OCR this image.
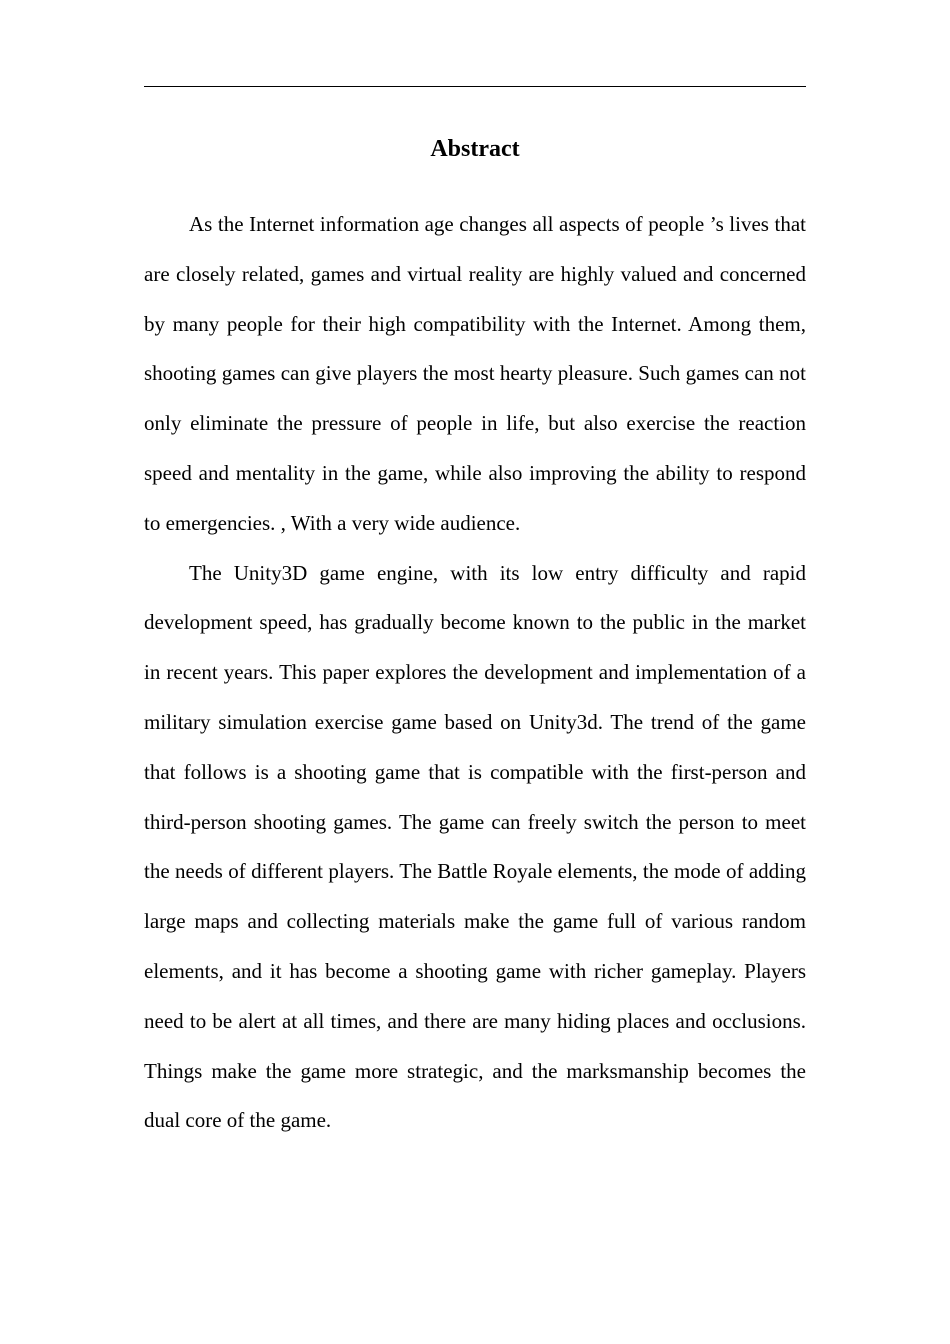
Abstract

As the Internet information age changes all aspects of people ’s lives that are closely related, games and virtual reality are highly valued and concerned by many people for their high compatibility with the Internet. Among them, shooting games can give players the most hearty pleasure. Such games can not only eliminate the pressure of people in life, but also exercise the reaction speed and mentality in the game, while also improving the ability to respond to emergencies. , With a very wide audience.

The Unity3D game engine, with its low entry difficulty and rapid development speed, has gradually become known to the public in the market in recent years. This paper explores the development and implementation of a military simulation exercise game based on Unity3d. The trend of the game that follows is a shooting game that is compatible with the first-person and third-person shooting games. The game can freely switch the person to meet the needs of different players. The Battle Royale elements, the mode of adding large maps and collecting materials make the game full of various random elements, and it has become a shooting game with richer gameplay. Players need to be alert at all times, and there are many hiding places and occlusions. Things make the game more strategic, and the marksmanship becomes the dual core of the game.
